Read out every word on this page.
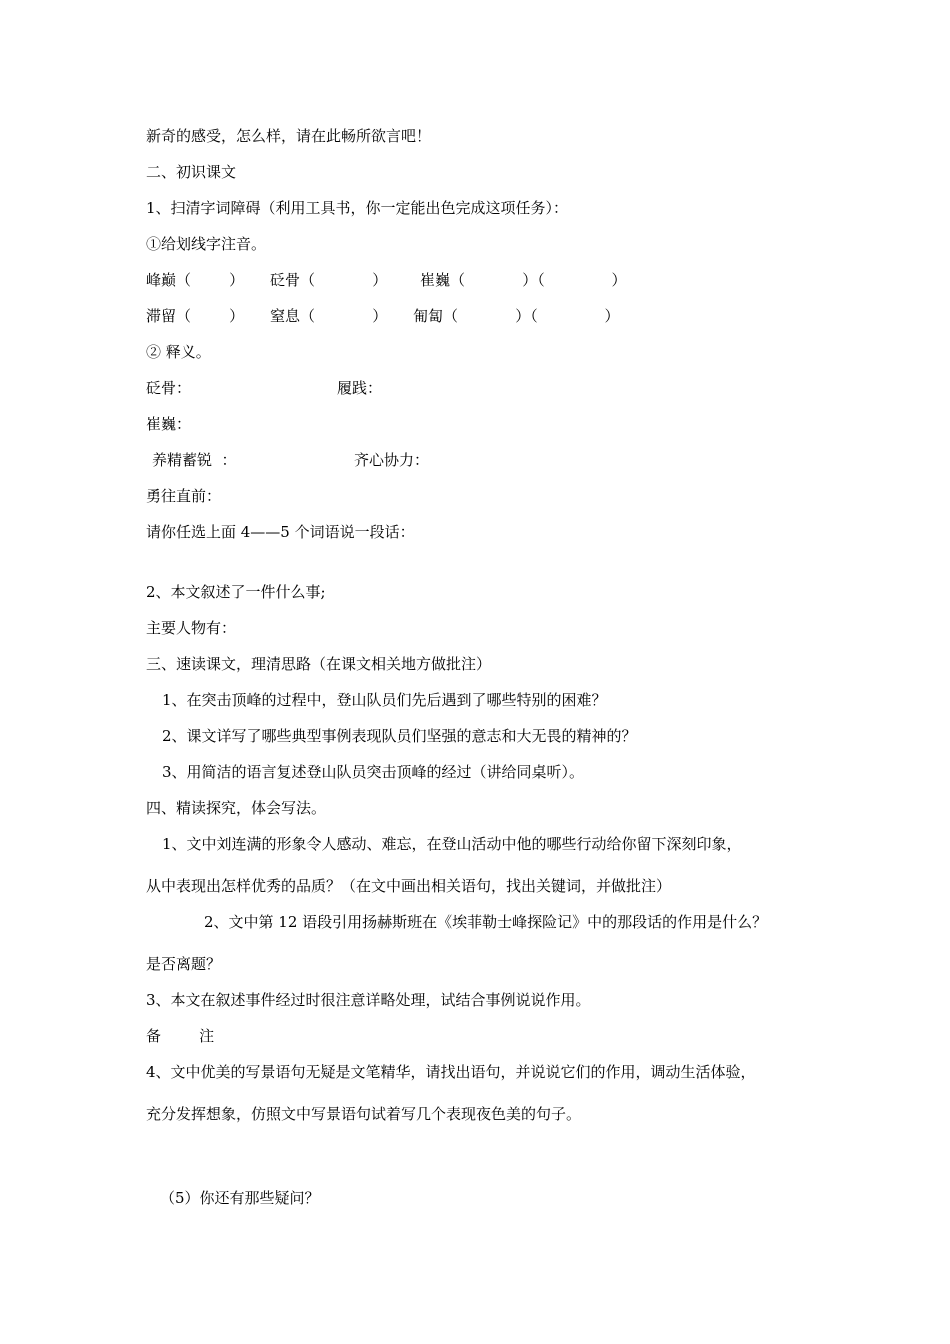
新奇的感受，怎么样，请在此畅所欲言吧！
二、初识课文
1、扫清字词障碍（利用工具书，你一定能出色完成这项任务）：
①给划线字注音。

峰巅（        ）

砭骨（            ）

崔巍（            ）（              ）

滞留（        ）

窒息（            ）

匍匐（            ）（              ）

② 释义。

砭骨：

	履践：

崔巍：

养精蓄锐  ：

	齐心协力：

勇往直前：
请你任选上面 4——5 个词语说一段话：
2、本文叙述了一件什么事;
主要人物有：
三、速读课文，理清思路（在课文相关地方做批注）
1、在突击顶峰的过程中，登山队员们先后遇到了哪些特别的困难？
2、课文详写了哪些典型事例表现队员们坚强的意志和大无畏的精神的？
3、用简洁的语言复述登山队员突击顶峰的经过（讲给同桌听）。
四、精读探究，体会写法。
1、文中刘连满的形象令人感动、难忘，在登山活动中他的哪些行动给你留下深刻印象，
从中表现出怎样优秀的品质？（在文中画出相关语句，找出关键词，并做批注）
2、文中第 12 语段引用扬赫斯班在《埃菲勒士峰探险记》中的那段话的作用是什么？
是否离题？
3、本文在叙述事件经过时很注意详略处理，试结合事例说说作用。
备        注
4、文中优美的写景语句无疑是文笔精华，请找出语句，并说说它们的作用，调动生活体验，
充分发挥想象，仿照文中写景语句试着写几个表现夜色美的句子。
（5）你还有那些疑问？
